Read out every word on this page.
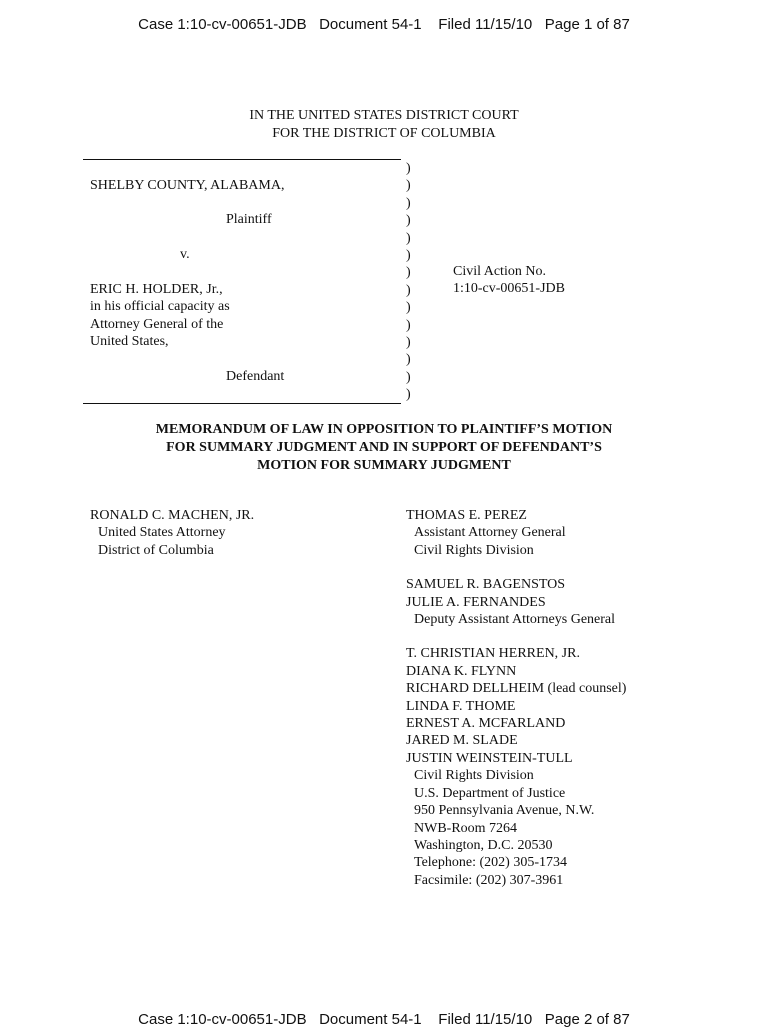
Case 1:10-cv-00651-JDB   Document 54-1    Filed 11/15/10   Page 1 of 87
IN THE UNITED STATES DISTRICT COURT
FOR THE DISTRICT OF COLUMBIA
)
)
)
)
)
)
)
)
)
)
)
)
)
)
SHELBY COUNTY, ALABAMA,
Plaintiff
v.
ERIC H. HOLDER, Jr.,
in his official capacity as
Attorney General of the
United States,
Defendant
Civil Action No.
1:10-cv-00651-JDB
MEMORANDUM OF LAW IN OPPOSITION TO PLAINTIFF’S MOTION
FOR SUMMARY JUDGMENT AND IN SUPPORT OF DEFENDANT’S
MOTION FOR SUMMARY JUDGMENT
RONALD C. MACHEN, JR.
United States Attorney
District of Columbia
THOMAS E. PEREZ
Assistant Attorney General
Civil Rights Division
SAMUEL R. BAGENSTOS
JULIE A. FERNANDES
Deputy Assistant Attorneys General
T. CHRISTIAN HERREN, JR.
DIANA K. FLYNN
RICHARD DELLHEIM (lead counsel)
LINDA F. THOME
ERNEST A. MCFARLAND
JARED M. SLADE
JUSTIN WEINSTEIN-TULL
Civil Rights Division
U.S. Department of Justice
950 Pennsylvania Avenue, N.W.
NWB-Room 7264
Washington, D.C. 20530
Telephone: (202) 305-1734
Facsimile: (202) 307-3961
Case 1:10-cv-00651-JDB   Document 54-1    Filed 11/15/10   Page 2 of 87
